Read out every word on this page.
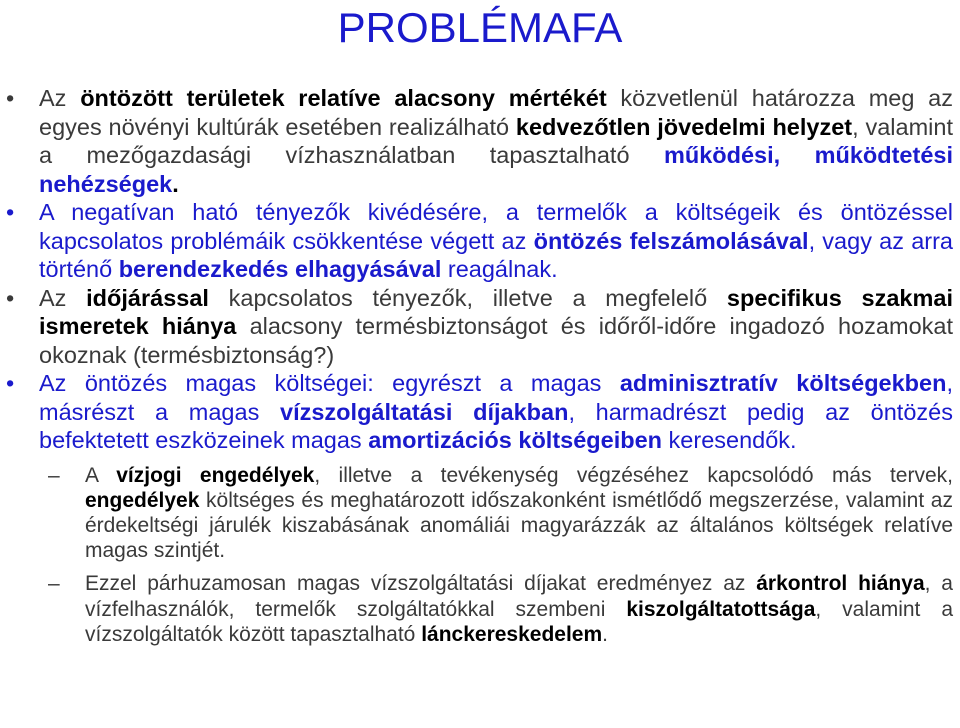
PROBLÉMAFA
• Az öntözött területek relatíve alacsony mértékét közvetlenül határozza meg az egyes növényi kultúrák esetében realizálható kedvezőtlen jövedelmi helyzet, valamint a mezőgazdasági vízhasználatban tapasztalható működési, működtetési nehézségek.
• A negatívan ható tényezők kivédésére, a termelők a költségeik és öntözéssel kapcsolatos problémáik csökkentése végett az öntözés felszámolásával, vagy az arra történő berendezkedés elhagyásával reagálnak.
• Az időjárással kapcsolatos tényezők, illetve a megfelelő specifikus szakmai ismeretek hiánya alacsony termésbiztonságot és időről-időre ingadozó hozamokat okoznak (termésbiztonság?)
• Az öntözés magas költségei: egyrészt a magas adminisztratív költségekben, másrészt a magas vízszolgáltatási díjakban, harmadrészt pedig az öntözés befektetett eszközeinek magas amortizációs költségeiben keresendők.
–	A vízjogi engedélyek, illetve a tevékenység végzéséhez kapcsolódó más tervek, engedélyek költséges és meghatározott időszakonként ismétlődő megszerzése, valamint az érdekeltségi járulék kiszabásának anomáliái magyarázzák az általános költségek relatíve magas szintjét.
–	Ezzel párhuzamosan magas vízszolgáltatási díjakat eredményez az árkontrol hiánya, a vízfelhasználók, termelők szolgáltatókkal szembeni kiszolgáltatottsága, valamint a vízszolgáltatók között tapasztalható lánckereskedelem.
